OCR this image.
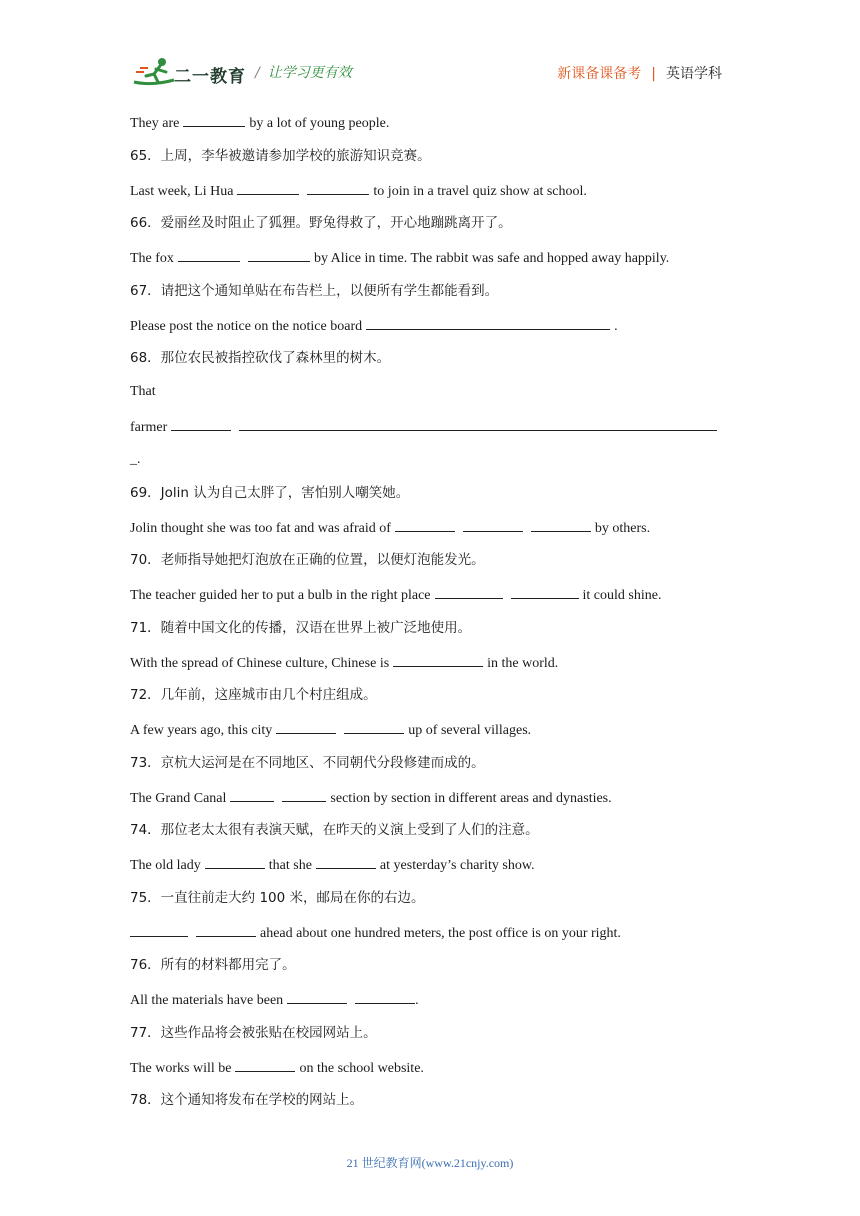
二一教育 / 让学习更有效	新课备课备考 | 英语学科
They are	by a lot of young people.
65．上周，李华被邀请参加学校的旅游知识竞赛。
Last week, Li Hua	to join in a travel quiz show at school.
66．爱丽丝及时阻止了狐狸。野兔得救了，开心地蹦跳离开了。
The fox	by Alice in time. The rabbit was safe and hopped away happily.
67．请把这个通知单贴在布告栏上，以便所有学生都能看到。
Please post the notice on the notice board	.
68．那位农民被指控砍伐了森林里的树木。
That
farmer
_.
69．Jolin 认为自己太胖了，害怕别人嘲笑她。
Jolin thought she was too fat and was afraid of	by others.
70．老师指导她把灯泡放在正确的位置，以便灯泡能发光。
The teacher guided her to put a bulb in the right place	it could shine.
71．随着中国文化的传播，汉语在世界上被广泛地使用。
With the spread of Chinese culture, Chinese is	in the world.
72．几年前，这座城市由几个村庄组成。
A few years ago, this city	up of several villages.
73．京杭大运河是在不同地区、不同朝代分段修建而成的。
The Grand Canal	section by section in different areas and dynasties.
74．那位老太太很有表演天赋，在昨天的义演上受到了人们的注意。
The old lady	that she	at yesterday’s charity show.
75．一直往前走大约 100 米，邮局在你的右边。
ahead about one hundred meters, the post office is on your right.
76．所有的材料都用完了。
All the materials have been	.
77．这些作品将会被张贴在校园网站上。
The works will be	on the school website.
78．这个通知将发布在学校的网站上。
21 世纪教育网(www.21cnjy.com)
